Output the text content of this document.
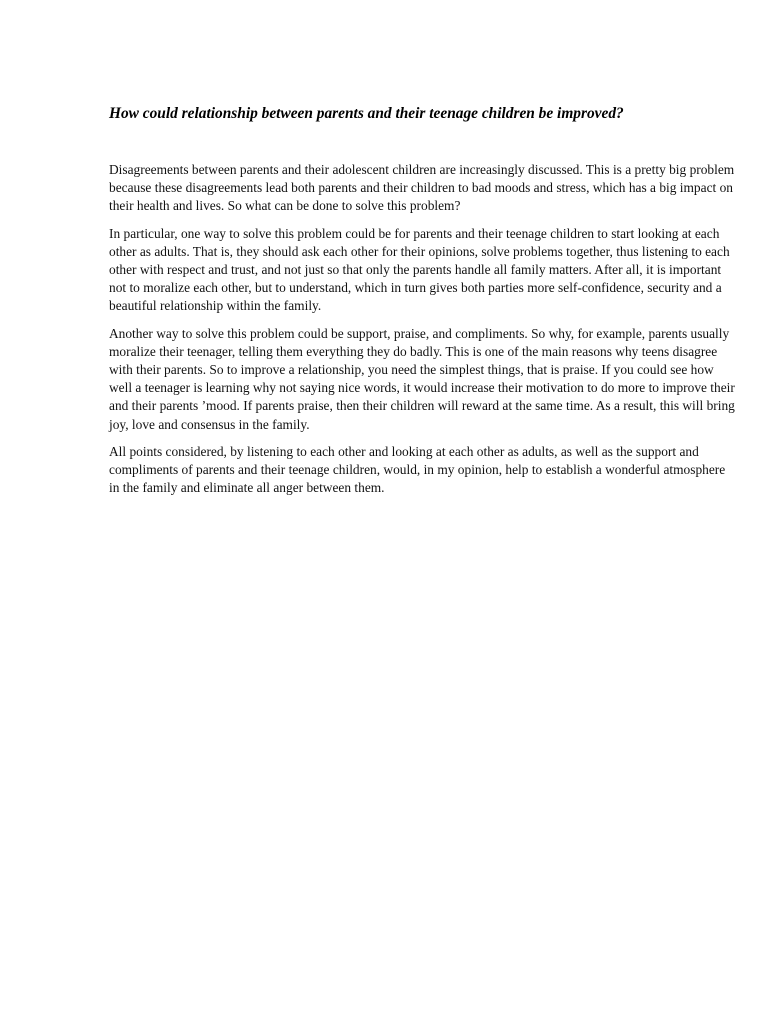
How could relationship between parents and their teenage children be improved?

Disagreements between parents and their adolescent children are increasingly discussed. This is a pretty big problem because these disagreements lead both parents and their children to bad moods and stress, which has a big impact on their health and lives. So what can be done to solve this problem?

In particular, one way to solve this problem could be for parents and their teenage children to start looking at each other as adults. That is, they should ask each other for their opinions, solve problems together, thus listening to each other with respect and trust, and not just so that only the parents handle all family matters. After all, it is important not to moralize each other, but to understand, which in turn gives both parties more self-confidence, security and a beautiful relationship within the family.

Another way to solve this problem could be support, praise, and compliments. So why, for example, parents usually moralize their teenager, telling them everything they do badly. This is one of the main reasons why teens disagree with their parents. So to improve a relationship, you need the simplest things, that is praise. If you could see how well a teenager is learning why not saying nice words, it would increase their motivation to do more to improve their and their parents ’mood. If parents praise, then their children will reward at the same time. As a result, this will bring joy, love and consensus in the family.

All points considered, by listening to each other and looking at each other as adults, as well as the support and compliments of parents and their teenage children, would, in my opinion, help to establish a wonderful atmosphere in the family and eliminate all anger between them.
